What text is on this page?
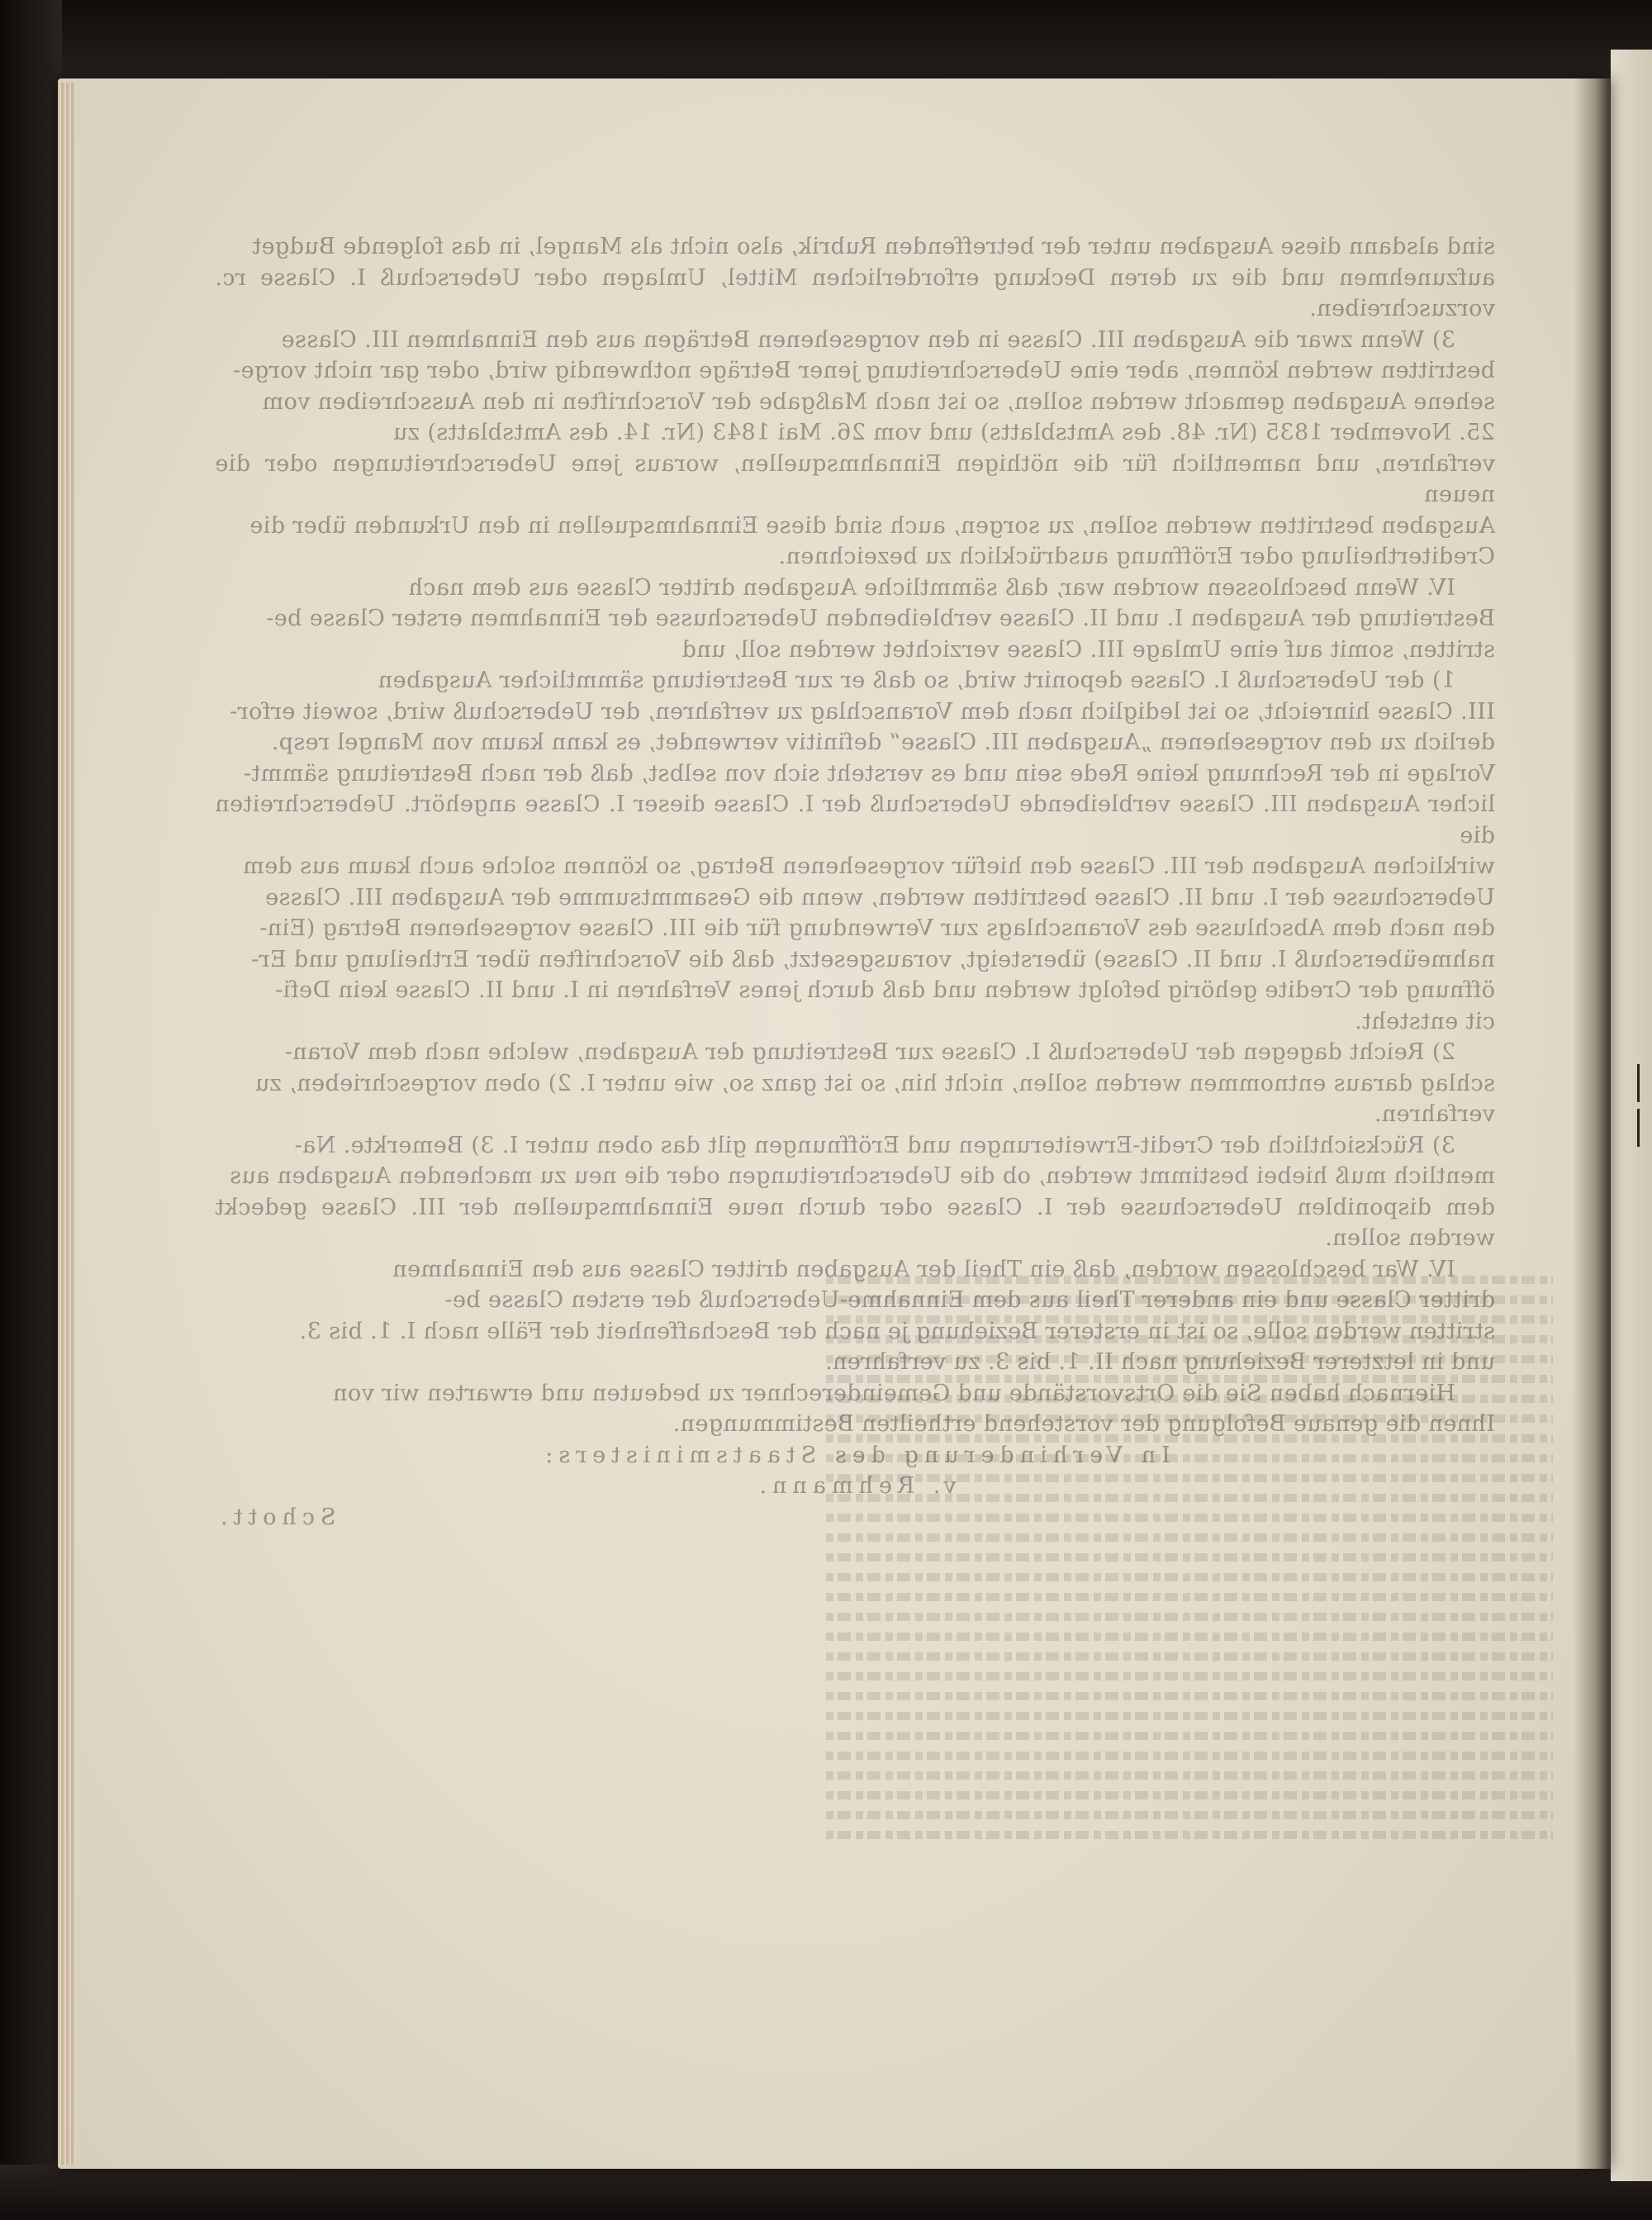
sind alsdann diese Ausgaben unter der betreffenden Rubrik, also nicht als Mangel, in das folgende Budget

aufzunehmen und die zu deren Deckung erforderlichen Mittel, Umlagen oder Ueberschuß I. Classe rc. vorzuschreiben.

3) Wenn zwar die Ausgaben III. Classe in den vorgesehenen Beträgen aus den Einnahmen III. Classe

bestritten werden können, aber eine Ueberschreitung jener Beträge nothwendig wird, oder gar nicht vorge-

sehene Ausgaben gemacht werden sollen, so ist nach Maßgabe der Vorschriften in den Ausschreiben vom

25. November 1835 (Nr. 48. des Amtsblatts) und vom 26. Mai 1843 (Nr. 14. des Amtsblatts) zu

verfahren, und namentlich für die nöthigen Einnahmsquellen, woraus jene Ueberschreitungen oder die neuen

Ausgaben bestritten werden sollen, zu sorgen, auch sind diese Einnahmsquellen in den Urkunden über die

Creditertheilung oder Eröffnung ausdrücklich zu bezeichnen.

IV. Wenn beschlossen worden war, daß sämmtliche Ausgaben dritter Classe aus dem nach

Bestreitung der Ausgaben I. und II. Classe verbleibenden Ueberschusse der Einnahmen erster Classe be-

stritten, somit auf eine Umlage III. Classe verzichtet werden soll, und

1) der Ueberschuß I. Classe deponirt wird, so daß er zur Bestreitung sämmtlicher Ausgaben

III. Classe hinreicht, so ist lediglich nach dem Voranschlag zu verfahren, der Ueberschuß wird, soweit erfor-

derlich zu den vorgesehenen „Ausgaben III. Classe“ definitiv verwendet, es kann kaum von Mangel resp.

Vorlage in der Rechnung keine Rede sein und es versteht sich von selbst, daß der nach Bestreitung sämmt-

licher Ausgaben III. Classe verbleibende Ueberschuß der I. Classe dieser I. Classe angehört. Ueberschreiten die

wirklichen Ausgaben der III. Classe den hiefür vorgesehenen Betrag, so können solche auch kaum aus dem

Ueberschusse der I. und II. Classe bestritten werden, wenn die Gesammtsumme der Ausgaben III. Classe

den nach dem Abschlusse des Voranschlags zur Verwendung für die III. Classe vorgesehenen Betrag (Ein-

nahmeüberschuß I. und II. Classe) übersteigt, vorausgesetzt, daß die Vorschriften über Ertheilung und Er-

öffnung der Credite gehörig befolgt werden und daß durch jenes Verfahren in I. und II. Classe kein Defi-

cit entsteht.

2) Reicht dagegen der Ueberschuß I. Classe zur Bestreitung der Ausgaben, welche nach dem Voran-

schlag daraus entnommen werden sollen, nicht hin, so ist ganz so, wie unter I. 2) oben vorgeschrieben, zu

verfahren.

3) Rücksichtlich der Credit-Erweiterungen und Eröffnungen gilt das oben unter I. 3) Bemerkte. Na-

mentlich muß hiebei bestimmt werden, ob die Ueberschreitungen oder die neu zu machenden Ausgaben aus

dem disponiblen Ueberschusse der I. Classe oder durch neue Einnahmsquellen der III. Classe gedeckt werden sollen.

IV. War beschlossen worden, daß ein Theil der Ausgaben dritter Classe aus den Einnahmen

dritter Classe und ein anderer Theil aus dem Einnahme-Ueberschuß der ersten Classe be-

stritten werden solle, so ist in ersterer Beziehung je nach der Beschaffenheit der Fälle nach I. 1. bis 3.

und in letzterer Beziehung nach II. 1. bis 3. zu verfahren.

Hiernach haben Sie die Ortsvorstände und Gemeinderechner zu bedeuten und erwarten wir von

Ihnen die genaue Befolgung der vorstehend ertheilten Bestimmungen.

In Verhinderung des Staatsministers:

v. Rehmann.

Schott.
